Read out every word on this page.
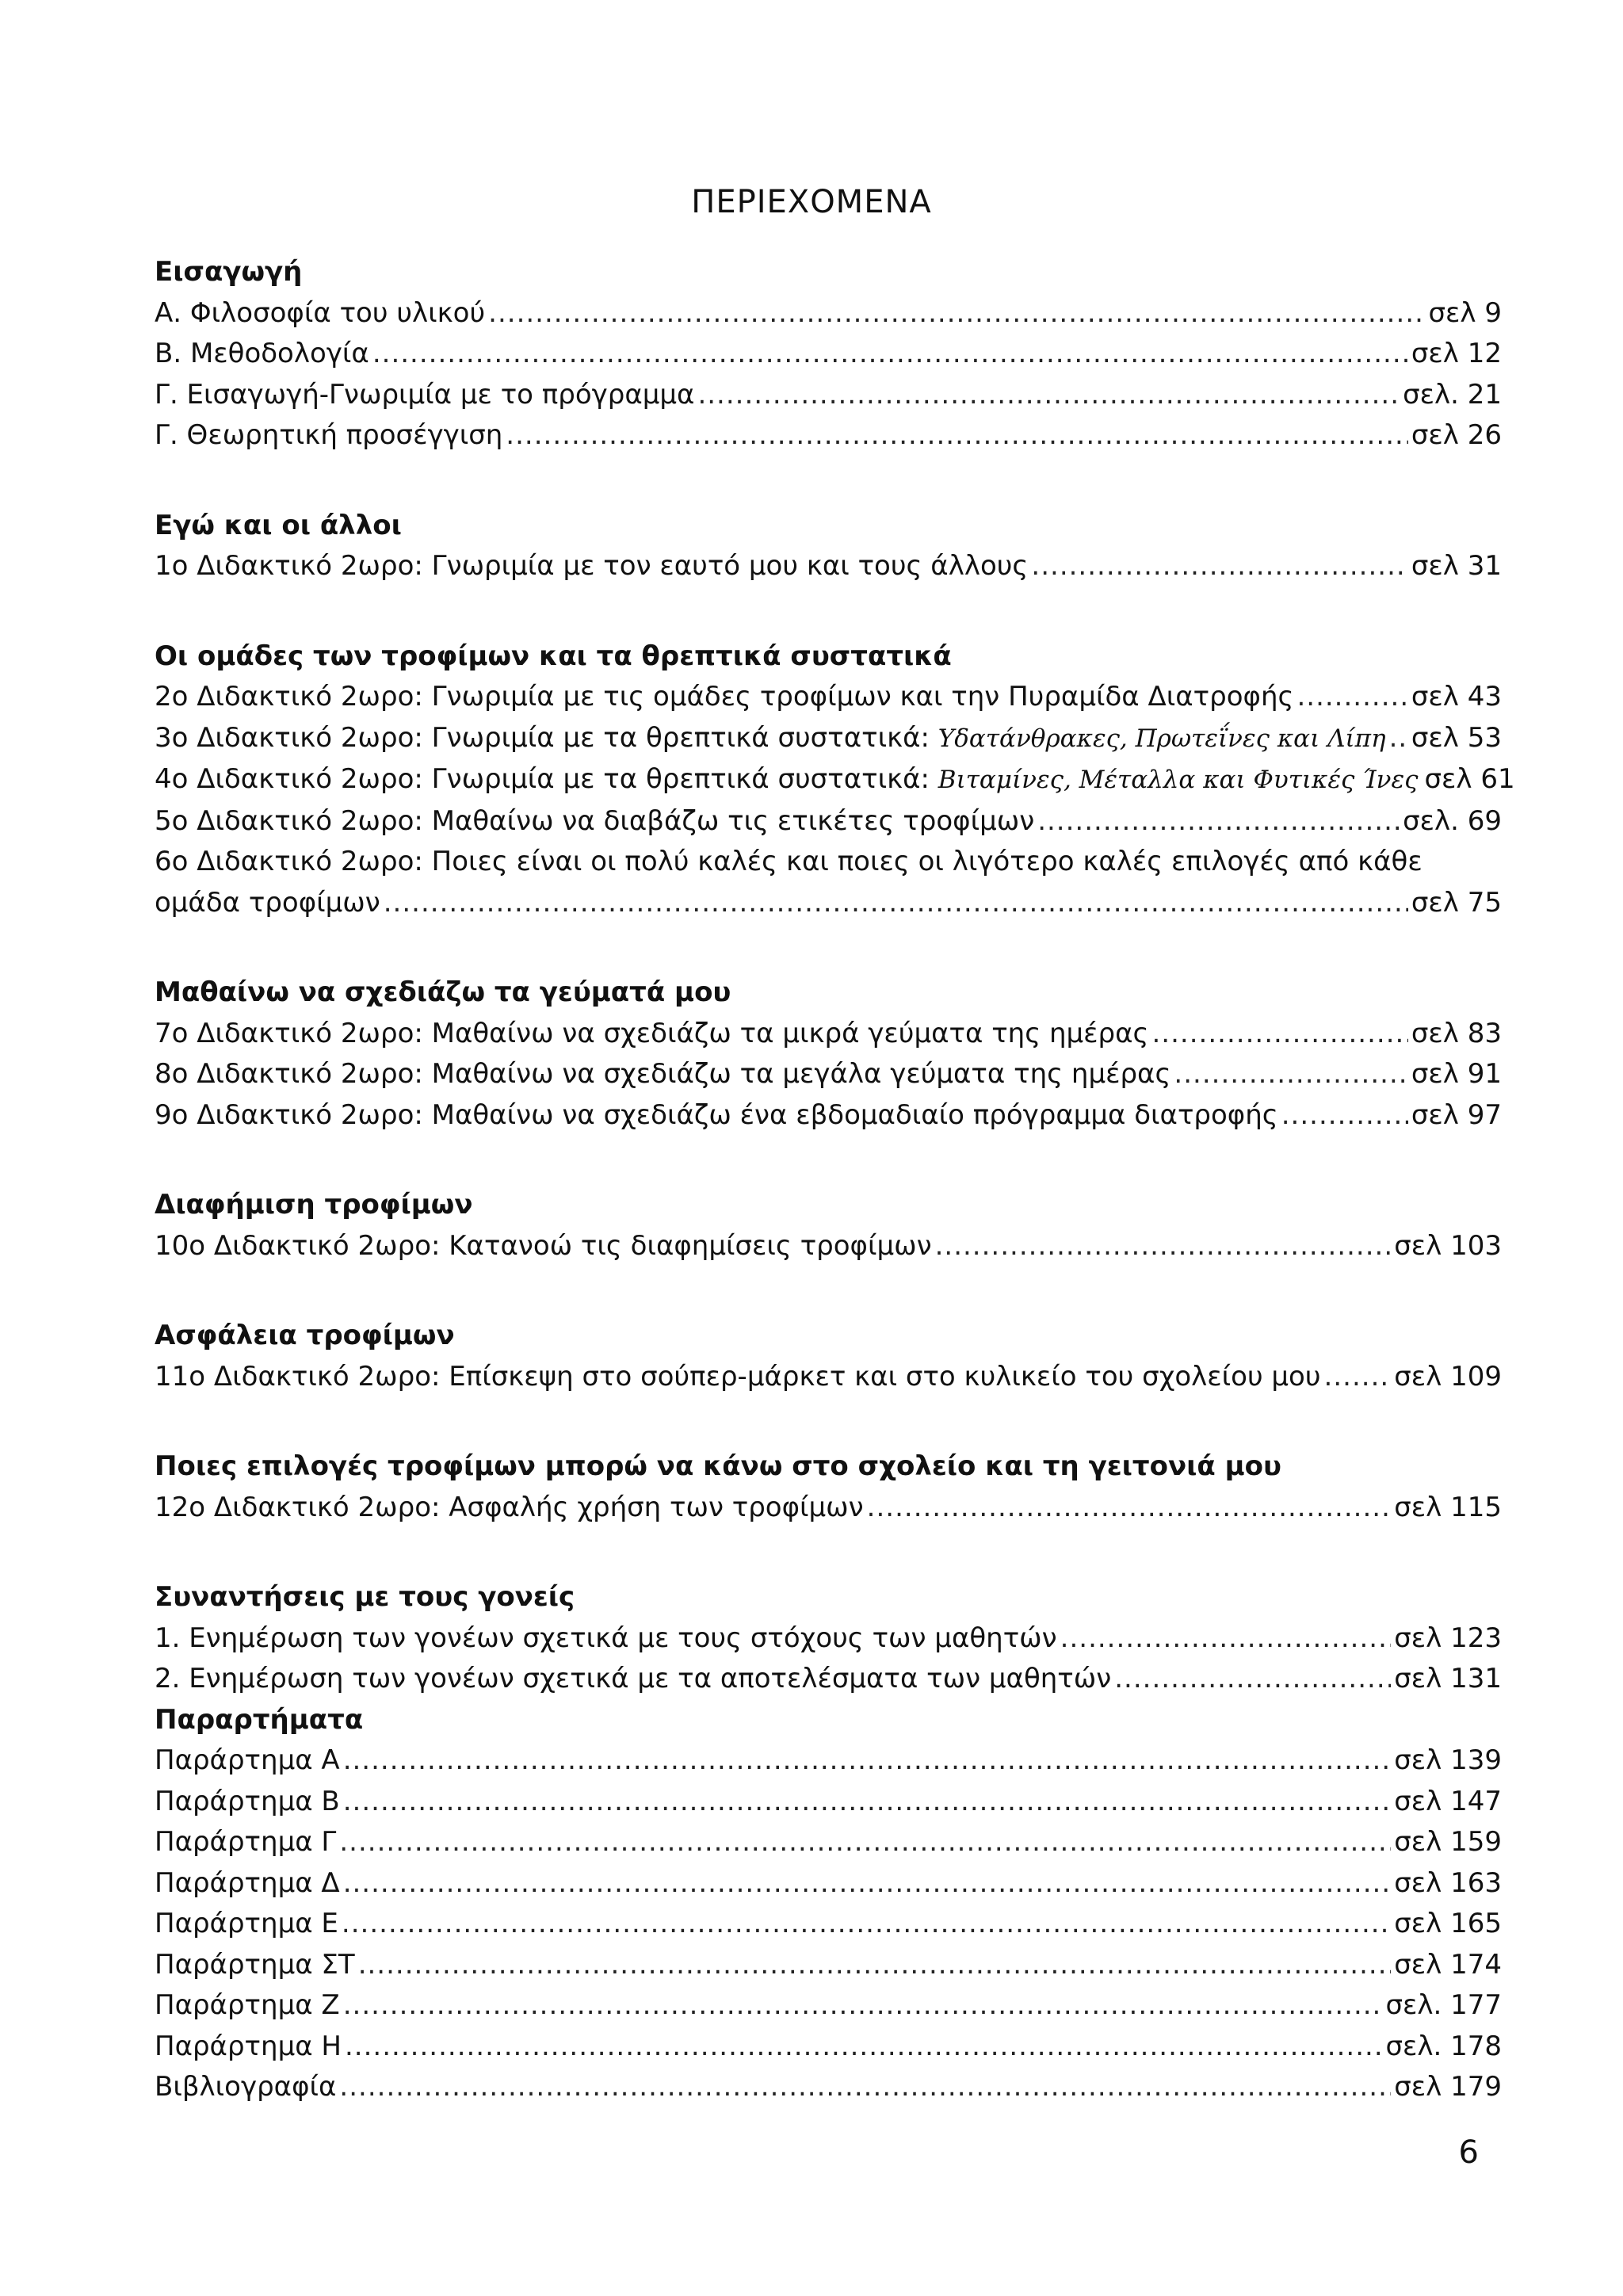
ΠΕΡΙΕΧΟΜΕΝΑ
Εισαγωγή
Α. Φιλοσοφία του υλικού .....	σελ 9
Β. Μεθοδολογία .....	σελ 12
Γ. Εισαγωγή-Γνωριμία με το πρόγραμμα .....	σελ. 21
Γ. Θεωρητική προσέγγιση .....	σελ 26
Εγώ και οι άλλοι
1ο Διδακτικό 2ωρο: Γνωριμία με τον εαυτό μου και τους άλλους .....	σελ 31
Οι ομάδες των τροφίμων και τα θρεπτικά συστατικά
2ο Διδακτικό 2ωρο: Γνωριμία με τις ομάδες τροφίμων και την Πυραμίδα Διατροφής .....	σελ 43
3ο Διδακτικό 2ωρο: Γνωριμία με τα θρεπτικά συστατικά: Υδατάνθρακες, Πρωτεΐνες και Λίπη ..... σελ 53
4ο Διδακτικό 2ωρο: Γνωριμία με τα θρεπτικά συστατικά: Βιταμίνες, Μέταλλα και Φυτικές Ίνες σελ 61
5ο Διδακτικό 2ωρο: Μαθαίνω να διαβάζω τις ετικέτες τροφίμων .....	σελ. 69
6ο Διδακτικό 2ωρο: Ποιες είναι οι πολύ καλές και ποιες οι λιγότερο καλές επιλογές από κάθε
ομάδα τροφίμων .....	σελ 75
Μαθαίνω να σχεδιάζω τα γεύματά μου
7ο Διδακτικό 2ωρο: Μαθαίνω να σχεδιάζω τα μικρά γεύματα της ημέρας .....	σελ 83
8ο Διδακτικό 2ωρο: Μαθαίνω να σχεδιάζω τα μεγάλα γεύματα της ημέρας .....	σελ 91
9ο Διδακτικό 2ωρο: Μαθαίνω να σχεδιάζω ένα εβδομαδιαίο πρόγραμμα διατροφής .....	σελ 97
Διαφήμιση τροφίμων
10ο Διδακτικό 2ωρο: Κατανοώ τις διαφημίσεις τροφίμων .....	σελ 103
Ασφάλεια τροφίμων
11ο Διδακτικό 2ωρο: Επίσκεψη στο σούπερ-μάρκετ και στο κυλικείο του σχολείου μου .....	σελ 109
Ποιες επιλογές τροφίμων μπορώ να κάνω στο σχολείο και τη γειτονιά μου
12ο Διδακτικό 2ωρο: Ασφαλής χρήση των τροφίμων .....	σελ 115
Συναντήσεις με τους γονείς
1. Ενημέρωση των γονέων σχετικά με τους στόχους των μαθητών .....	σελ 123
2. Ενημέρωση των γονέων σχετικά με τα αποτελέσματα των μαθητών .....	σελ 131
Παραρτήματα
Παράρτημα Α .....	σελ 139
Παράρτημα Β .....	σελ 147
Παράρτημα Γ .....	σελ 159
Παράρτημα Δ .....	σελ 163
Παράρτημα Ε .....	σελ 165
Παράρτημα ΣΤ .....	σελ 174
Παράρτημα Ζ .....	σελ. 177
Παράρτημα Η .....	σελ. 178
Βιβλιογραφία .....	σελ 179
6
